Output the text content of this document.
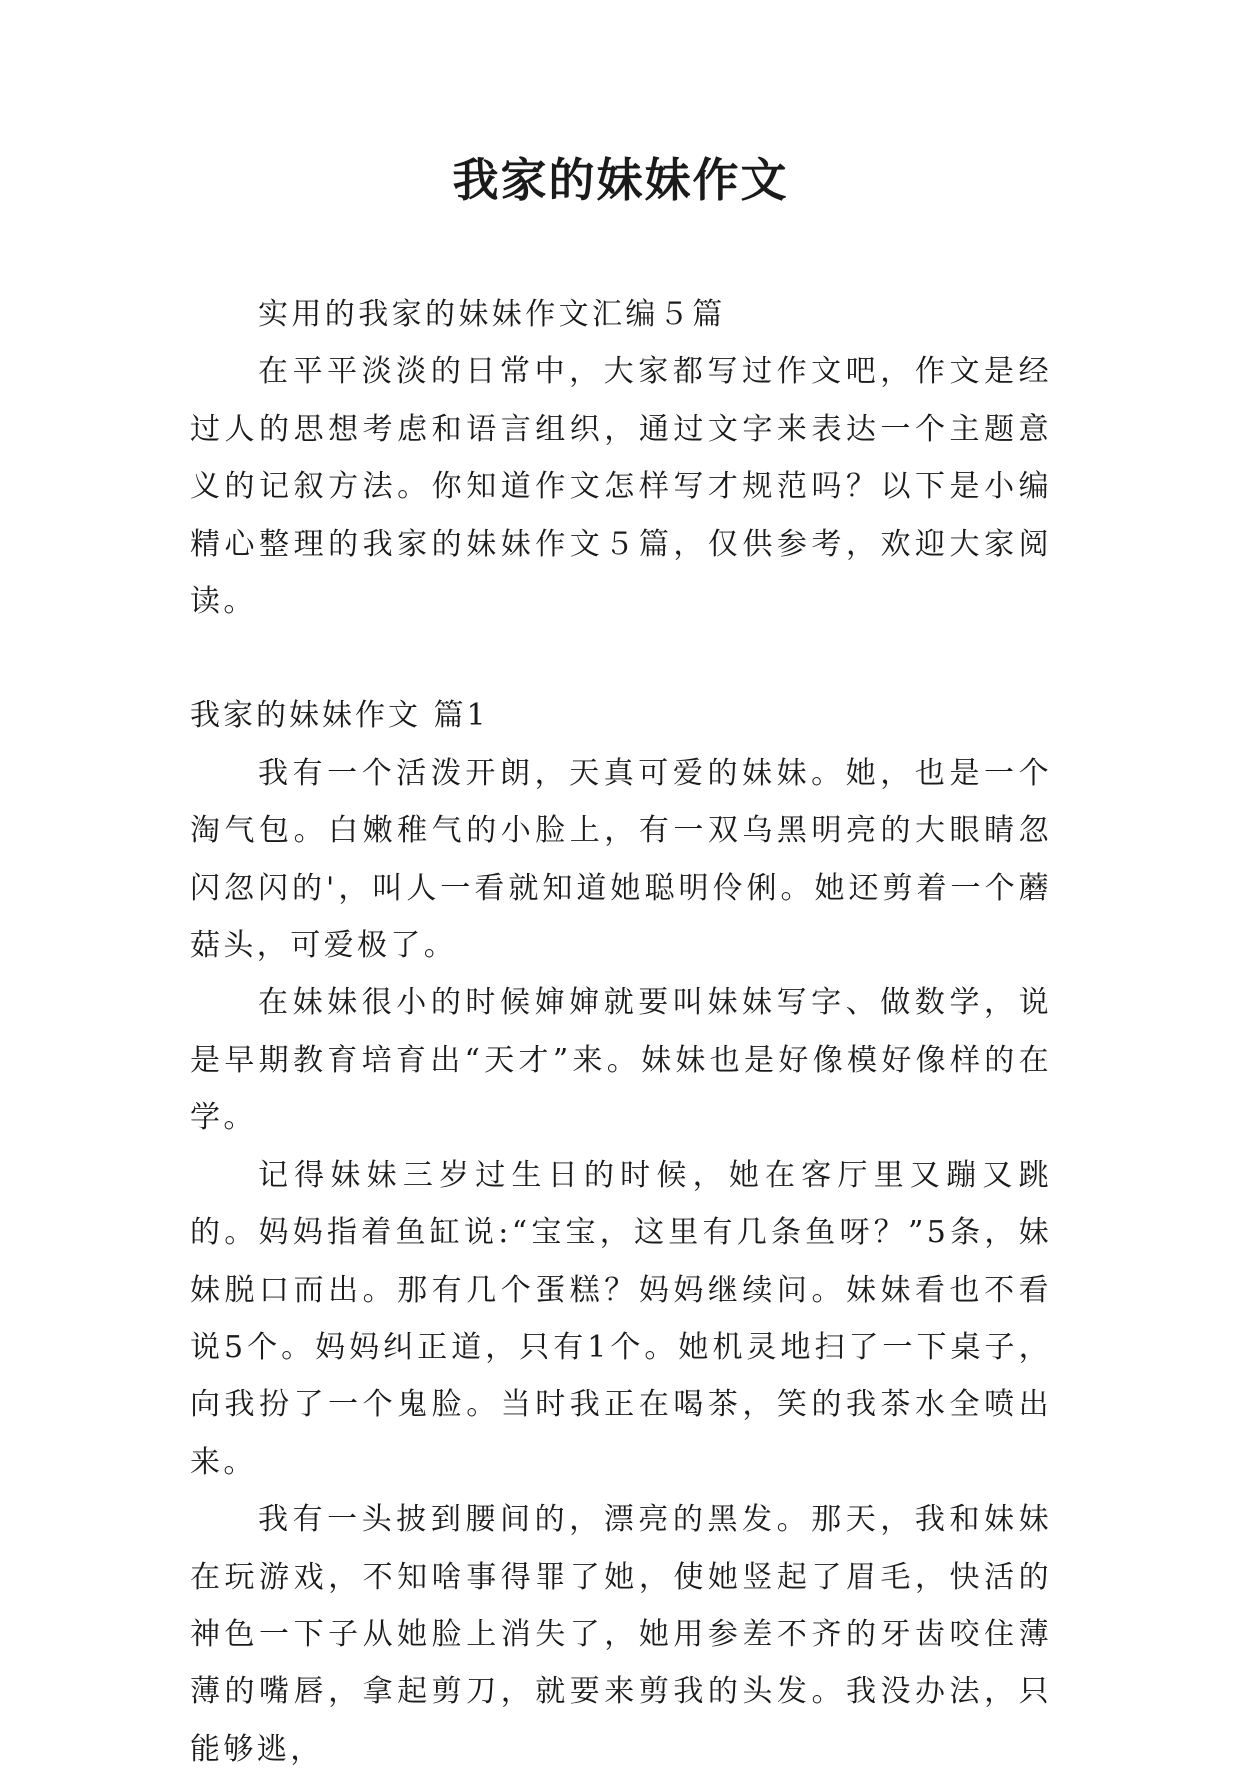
我家的妹妹作文

实用的我家的妹妹作文汇编５篇

在平平淡淡的日常中，大家都写过作文吧，作文是经过人的思想考虑和语言组织，通过文字来表达一个主题意义的记叙方法。你知道作文怎样写才规范吗？以下是小编精心整理的我家的妹妹作文５篇，仅供参考，欢迎大家阅读。

我家的妹妹作文 篇1

我有一个活泼开朗，天真可爱的妹妹。她，也是一个淘气包。白嫩稚气的小脸上，有一双乌黑明亮的大眼睛忽闪忽闪的'，叫人一看就知道她聪明伶俐。她还剪着一个蘑菇头，可爱极了。

在妹妹很小的时候婶婶就要叫妹妹写字、做数学，说是早期教育培育出“天才”来。妹妹也是好像模好像样的在学。

记得妹妹三岁过生日的时候，她在客厅里又蹦又跳的。妈妈指着鱼缸说:“宝宝，这里有几条鱼呀？”5条，妹妹脱口而出。那有几个蛋糕？妈妈继续问。妹妹看也不看说5个。妈妈纠正道，只有1个。她机灵地扫了一下桌子，向我扮了一个鬼脸。当时我正在喝茶，笑的我茶水全喷出来。

我有一头披到腰间的，漂亮的黑发。那天，我和妹妹在玩游戏，不知啥事得罪了她，使她竖起了眉毛，快活的神色一下子从她脸上消失了，她用参差不齐的牙齿咬住薄薄的嘴唇，拿起剪刀，就要来剪我的头发。我没办法，只能够逃，
